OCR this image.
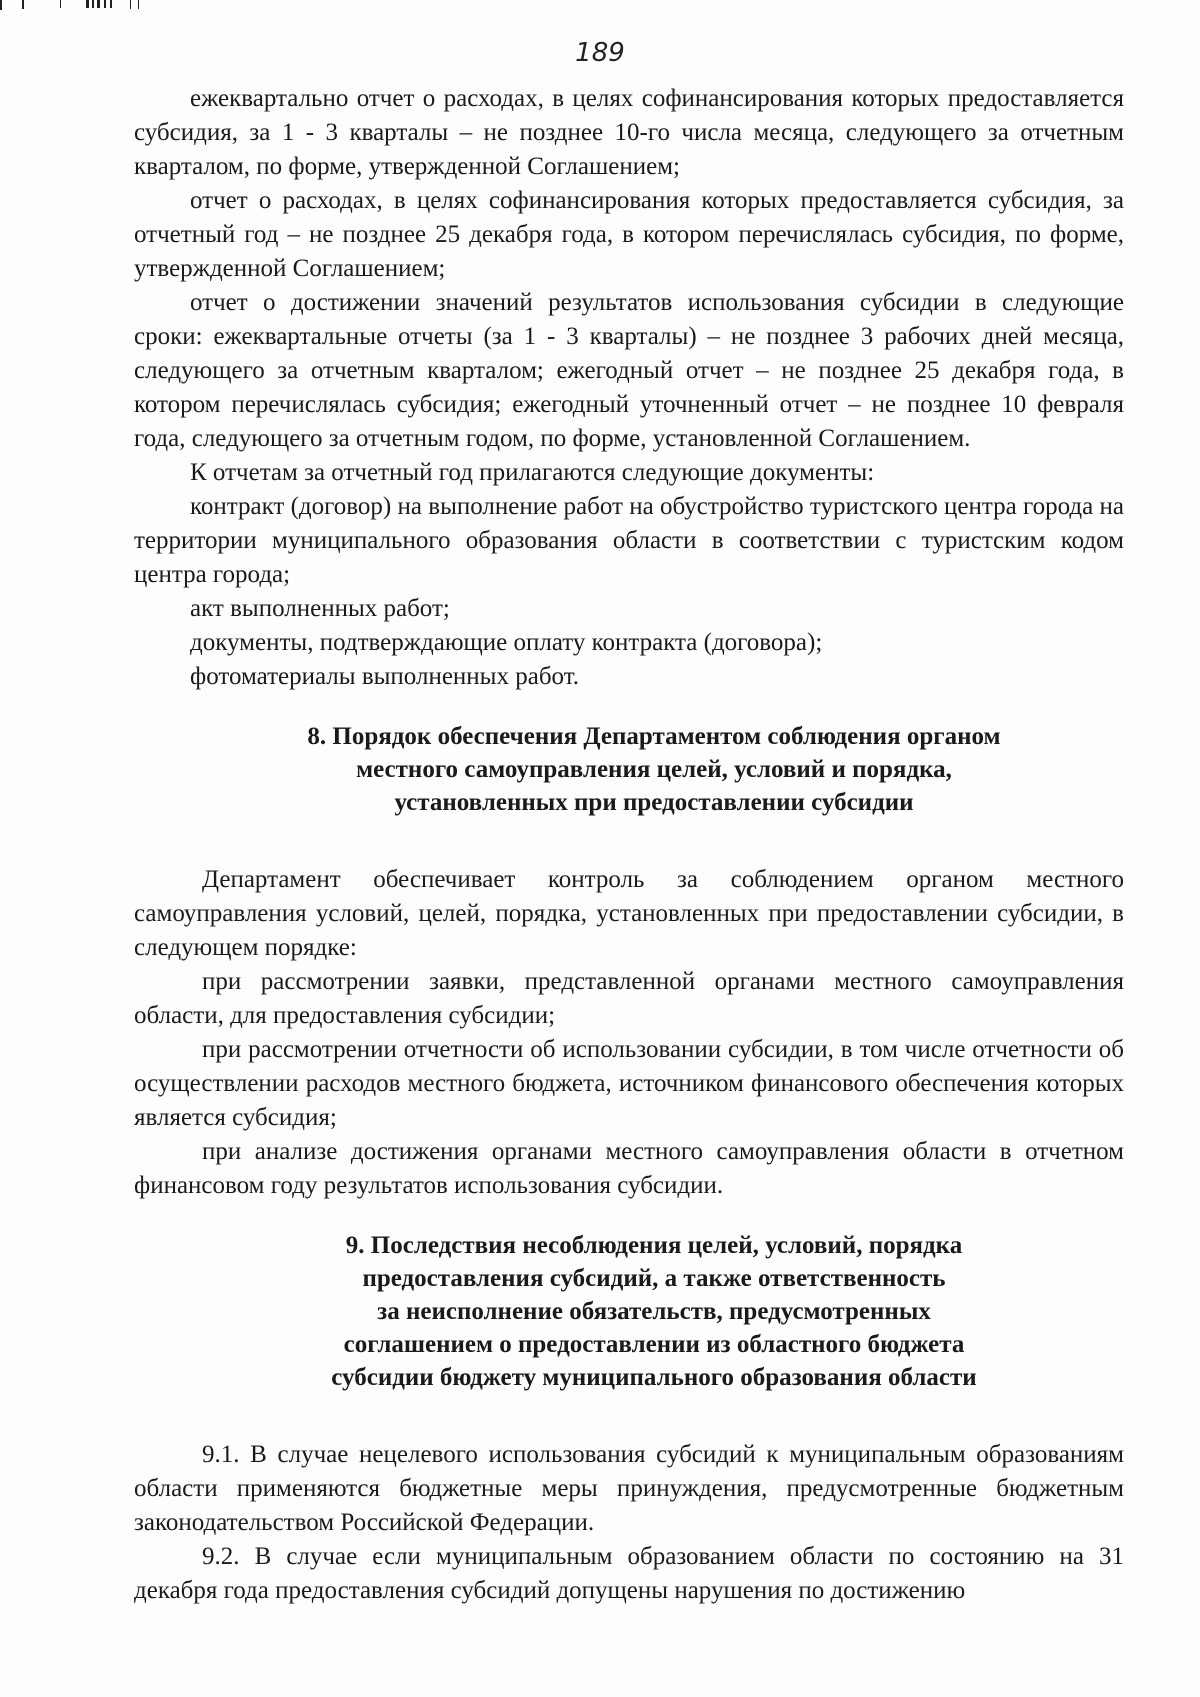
189

ежеквартально отчет о расходах, в целях софинансирования которых предоставляется субсидия, за 1 - 3 кварталы – не позднее 10-го числа месяца, следующего за отчетным кварталом, по форме, утвержденной Соглашением;

отчет о расходах, в целях софинансирования которых предоставляется субсидия, за отчетный год – не позднее 25 декабря года, в котором перечислялась субсидия, по форме, утвержденной Соглашением;

отчет о достижении значений результатов использования субсидии в следующие сроки: ежеквартальные отчеты (за 1 - 3 кварталы) – не позднее 3 рабочих дней месяца, следующего за отчетным кварталом; ежегодный отчет – не позднее 25 декабря года, в котором перечислялась субсидия; ежегодный уточненный отчет – не позднее 10 февраля года, следующего за отчетным годом, по форме, установленной Соглашением.

К отчетам за отчетный год прилагаются следующие документы:

контракт (договор) на выполнение работ на обустройство туристского центра города на территории муниципального образования области в соответствии с туристским кодом центра города;

акт выполненных работ;

документы, подтверждающие оплату контракта (договора);

фотоматериалы выполненных работ.

8. Порядок обеспечения Департаментом соблюдения органом
местного самоуправления целей, условий и порядка,
установленных при предоставлении субсидии

Департамент обеспечивает контроль за соблюдением органом местного самоуправления условий, целей, порядка, установленных при предоставлении субсидии, в следующем порядке:

при рассмотрении заявки, представленной органами местного самоуправления области, для предоставления субсидии;

при рассмотрении отчетности об использовании субсидии, в том числе отчетности об осуществлении расходов местного бюджета, источником финансового обеспечения которых является субсидия;

при анализе достижения органами местного самоуправления области в отчетном финансовом году результатов использования субсидии.

9. Последствия несоблюдения целей, условий, порядка
предоставления субсидий, а также ответственность
за неисполнение обязательств, предусмотренных
соглашением о предоставлении из областного бюджета
субсидии бюджету муниципального образования области

9.1. В случае нецелевого использования субсидий к муниципальным образованиям области применяются бюджетные меры принуждения, предусмотренные бюджетным законодательством Российской Федерации.

9.2. В случае если муниципальным образованием области по состоянию на 31 декабря года предоставления субсидий допущены нарушения по достижению
